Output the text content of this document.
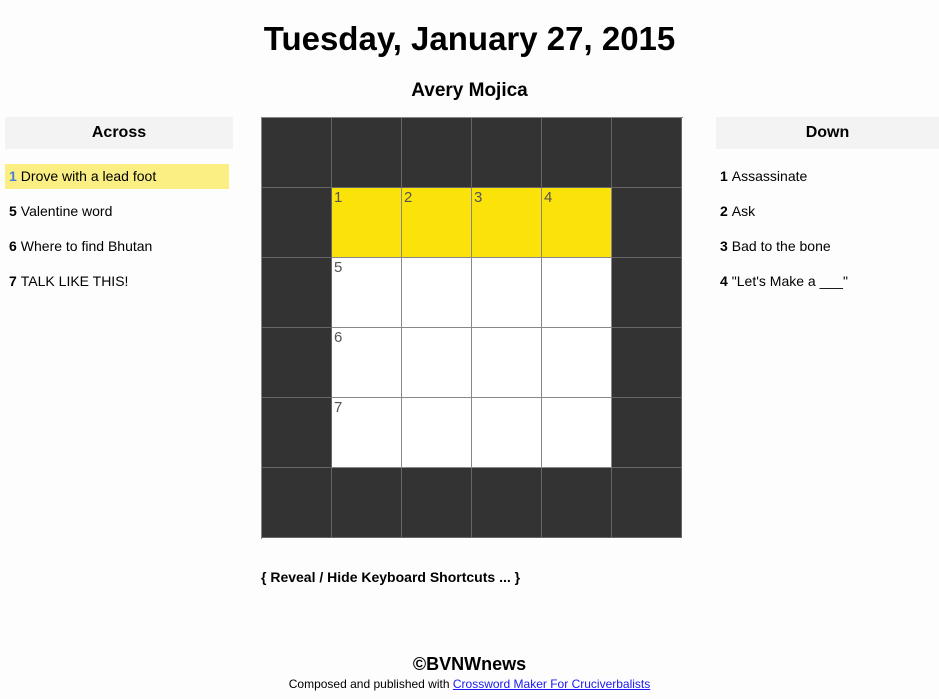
Tuesday, January 27, 2015
Avery Mojica
Across
1 Drove with a lead foot
5 Valentine word
6 Where to find Bhutan
7 TALK LIKE THIS!
1	2	3	4
5
6
7
Down
1 Assassinate
2 Ask
3 Bad to the bone
4 "Let's Make a ___"
{ Reveal / Hide Keyboard Shortcuts ... }
©BVNWnews
Composed and published with Crossword Maker For Cruciverbalists
